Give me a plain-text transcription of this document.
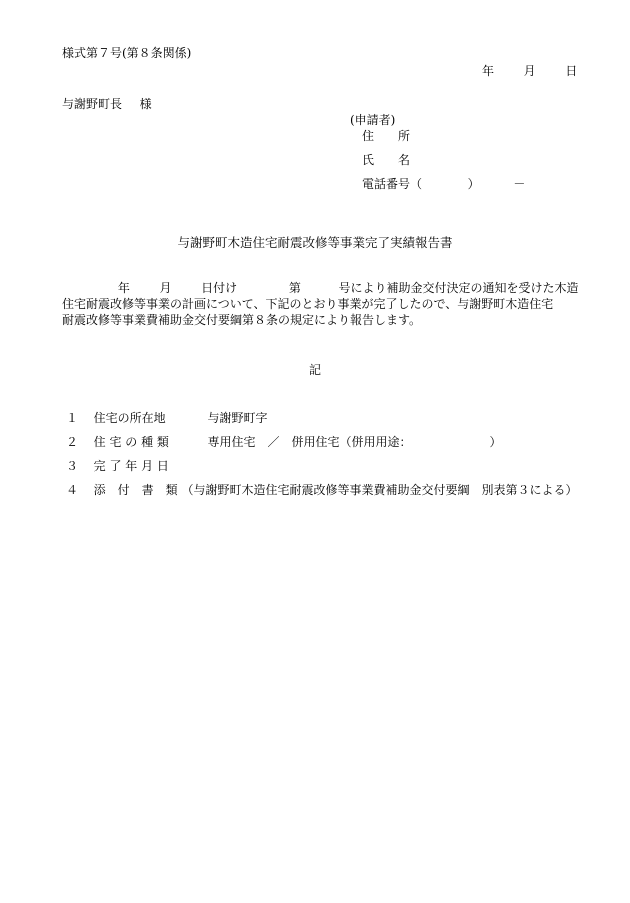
様式第７号(第８条関係)
年 月 日
与謝野町長 様
(申請者)
住　　所
氏　　名
電話番号（	）	－
与謝野町木造住宅耐震改修等事業完了実績報告書
年 月 日付け	第	号により補助金交付決定の通知を受けた木造
住宅耐震改修等事業の計画について、下記のとおり事業が完了したので、与謝野町木造住宅
耐震改修等事業費補助金交付要綱第８条の規定により報告します。
記
１ 住宅の所在地	与謝野町字
２ 住 宅 の 種 類	専用住宅　／　併用住宅（併用用途：　　　　　　　）
３ 完 了 年 月 日
４ 添　付　書　類 （与謝野町木造住宅耐震改修等事業費補助金交付要綱　別表第３による）
